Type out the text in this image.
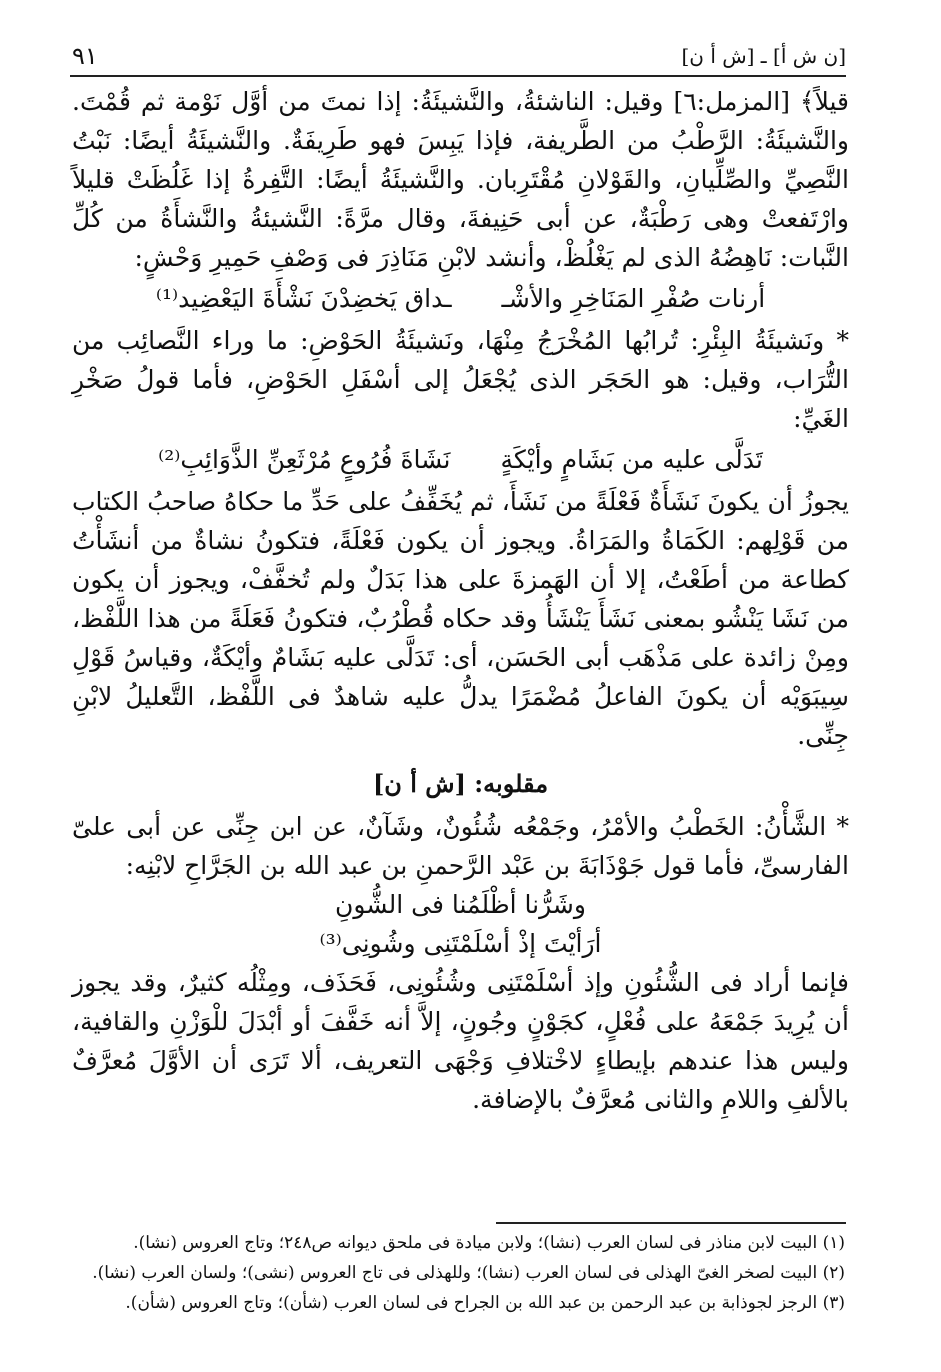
٩١	[ن ش أ] ـ [ش أ ن]

قيلاً﴾ [المزمل:٦] وقيل: الناشئةُ، والنَّشيئَةُ: إذا نمتَ من أوَّل نَوْمة ثم قُمْتَ. والنَّشيئَةُ: الرَّطْبُ من الطَّريفة، فإذا يَبِسَ فهو طَرِيفَةٌ. والنَّشيئَةُ أيضًا: نَبْتُ النَّصِيِّ والصِّلِّيانِ، والقَوْلانِ مُقْتَرِبان. والنَّشيئَةُ أيضًا: التَّفِرةُ إذا غَلُظَتْ قليلاً وارْتَفعتْ وهى رَطْبَةٌ، عن أبى حَنِيفةَ، وقال مرَّةً: النَّشيئةُ والنَّشأَةُ من كُلِّ النَّبات: نَاهِضُهُ الذى لم يَغْلُظْ، وأنشد لابْنِ مَنَاذِرَ فى وَصْفِ حَمِيرِ وَحْشٍ:

أرنات صُفْرِ المَنَاخِرِ والأشْـ
ـداق يَخضِدْنَ نَشْأَةَ اليَعْضِيد⁽¹⁾

* ونَشيئَةُ البِئْرِ: تُرابُها المُخْرَجُ مِنْهَا، ونَشيئَةُ الحَوْضِ: ما وراء النَّصائِب من التُّرَاب، وقيل: هو الحَجَر الذى يُجْعَلُ إلى أسْفَلِ الحَوْضِ، فأما قولُ صَخْرِ الغَيِّ:

تَدَلَّى عليه من بَشَامٍ وأيْكَةٍ
نَشَاةَ فُرُوعٍ مُرْثَعِنِّ الذَّوَائِبِ⁽²⁾

يجوزُ أن يكونَ نَشَأَةٌ فَعْلَةً من نَشَأَ، ثم يُخَفِّفُ على حَدِّ ما حكاهُ صاحبُ الكتاب من قَوْلِهم: الكَمَاةُ والمَرَاةُ. ويجوز أن يكون فَعْلَةً، فتكونُ نشاةٌ من أنشَأْتُ كطاعة من أطَعْتُ، إلا أن الهَمزةَ على هذا بَدَلٌ ولم تُخفَّفْ، ويجوز أن يكون من نَشَا يَنْشُو بمعنى نَشَأَ يَنْشَأُ وقد حكاه قُطْرُبٌ، فتكونُ فَعَلَةً من هذا اللَّفْظ، ومِنْ زائدة على مَذْهَب أبى الحَسَن، أى: تَدَلَّى عليه بَشَامٌ وأيْكَةٌ، وقياسُ قَوْلِ سِيبَوَيْه أن يكونَ الفاعلُ مُضْمَرًا يدلُّ عليه شاهدٌ فى اللَّفْظ، التَّعليلُ لابْنِ جِنِّى.

مقلوبه: [ش أ ن]

* الشَّأْنُ: الخَطْبُ والأمْرُ، وجَمْعُه شُئُونٌ، وشَآنٌ، عن ابن جِنِّى عن أبى علىّ الفارسىِّ، فأما قول جَوْذَابَةَ بن عَبْد الرَّحمنِ بن عبد الله بن الجَرَّاحِ لابْنِه:

وشَرُّنا أظْلَمُنا فى الشُّونِ

أرَأيْتَ إذْ أسْلَمْتَنِى وشُونِى⁽³⁾

فإنما أراد فى الشُّئُونِ وإذ أسْلَمْتَنِى وشُئُونِى، فَحَذَف، ومِثْلُه كثيرٌ، وقد يجوز أن يُرِيدَ جَمْعَهُ على فُعْلٍ، كجَوْنٍ وجُونٍ، إلاَّ أنه خَفَّفَ أو أبْدَلَ للْوَزْنِ والقافية، وليس هذا عندهم بإيطاءٍ لاخْتلافِ وَجْهَى التعريف، ألا تَرَى أن الأوَّلَ مُعرَّفٌ بالألفِ واللامِ والثانى مُعرَّفٌ بالإضافة.

(١) البيت لابن مناذر فى لسان العرب (نشا)؛ ولابن ميادة فى ملحق ديوانه ص٢٤٨؛ وتاج العروس (نشا).

(٢) البيت لصخر الغىّ الهذلى فى لسان العرب (نشا)؛ وللهذلى فى تاج العروس (نشى)؛ ولسان العرب (نشا).

(٣) الرجز لجوذابة بن عبد الرحمن بن عبد الله بن الجراح فى لسان العرب (شأن)؛ وتاج العروس (شأن).
